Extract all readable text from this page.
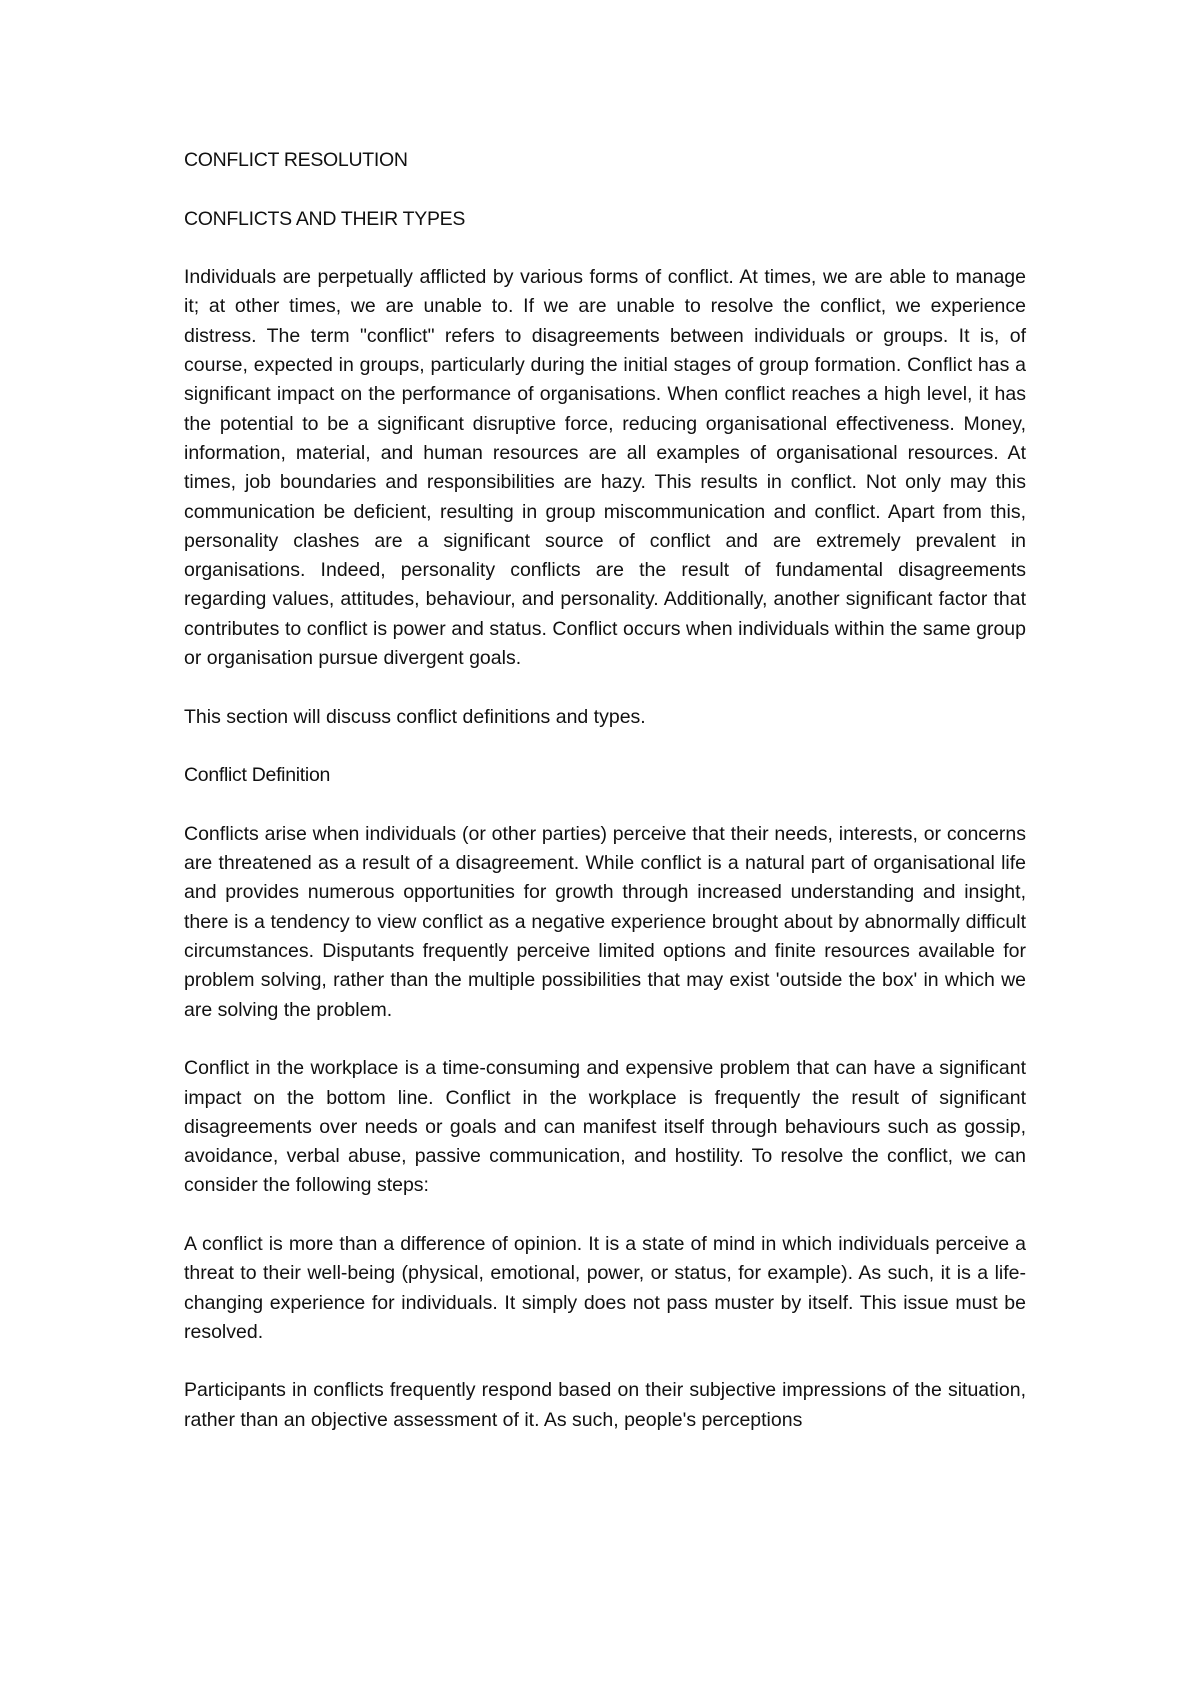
CONFLICT RESOLUTION
CONFLICTS AND THEIR TYPES

Individuals are perpetually afflicted by various forms of conflict. At times, we are able to manage it; at other times, we are unable to. If we are unable to resolve the conflict, we experience distress. The term "conflict" refers to disagreements between individuals or groups. It is, of course, expected in groups, particularly during the initial stages of group formation. Conflict has a significant impact on the performance of organisations. When conflict reaches a high level, it has the potential to be a significant disruptive force, reducing organisational effectiveness. Money, information, material, and human resources are all examples of organisational resources. At times, job boundaries and responsibilities are hazy. This results in conflict. Not only may this communication be deficient, resulting in group miscommunication and conflict. Apart from this, personality clashes are a significant source of conflict and are extremely prevalent in organisations. Indeed, personality conflicts are the result of fundamental disagreements regarding values, attitudes, behaviour, and personality. Additionally, another significant factor that contributes to conflict is power and status. Conflict occurs when individuals within the same group or organisation pursue divergent goals.

This section will discuss conflict definitions and types.

Conflict Definition

Conflicts arise when individuals (or other parties) perceive that their needs, interests, or concerns are threatened as a result of a disagreement. While conflict is a natural part of organisational life and provides numerous opportunities for growth through increased understanding and insight, there is a tendency to view conflict as a negative experience brought about by abnormally difficult circumstances. Disputants frequently perceive limited options and finite resources available for problem solving, rather than the multiple possibilities that may exist 'outside the box' in which we are solving the problem.

Conflict in the workplace is a time-consuming and expensive problem that can have a significant impact on the bottom line. Conflict in the workplace is frequently the result of significant disagreements over needs or goals and can manifest itself through behaviours such as gossip, avoidance, verbal abuse, passive communication, and hostility. To resolve the conflict, we can consider the following steps:

A conflict is more than a difference of opinion. It is a state of mind in which individuals perceive a threat to their well-being (physical, emotional, power, or status, for example). As such, it is a life-changing experience for individuals. It simply does not pass muster by itself. This issue must be resolved.

Participants in conflicts frequently respond based on their subjective impressions of the situation, rather than an objective assessment of it. As such, people's perceptions
